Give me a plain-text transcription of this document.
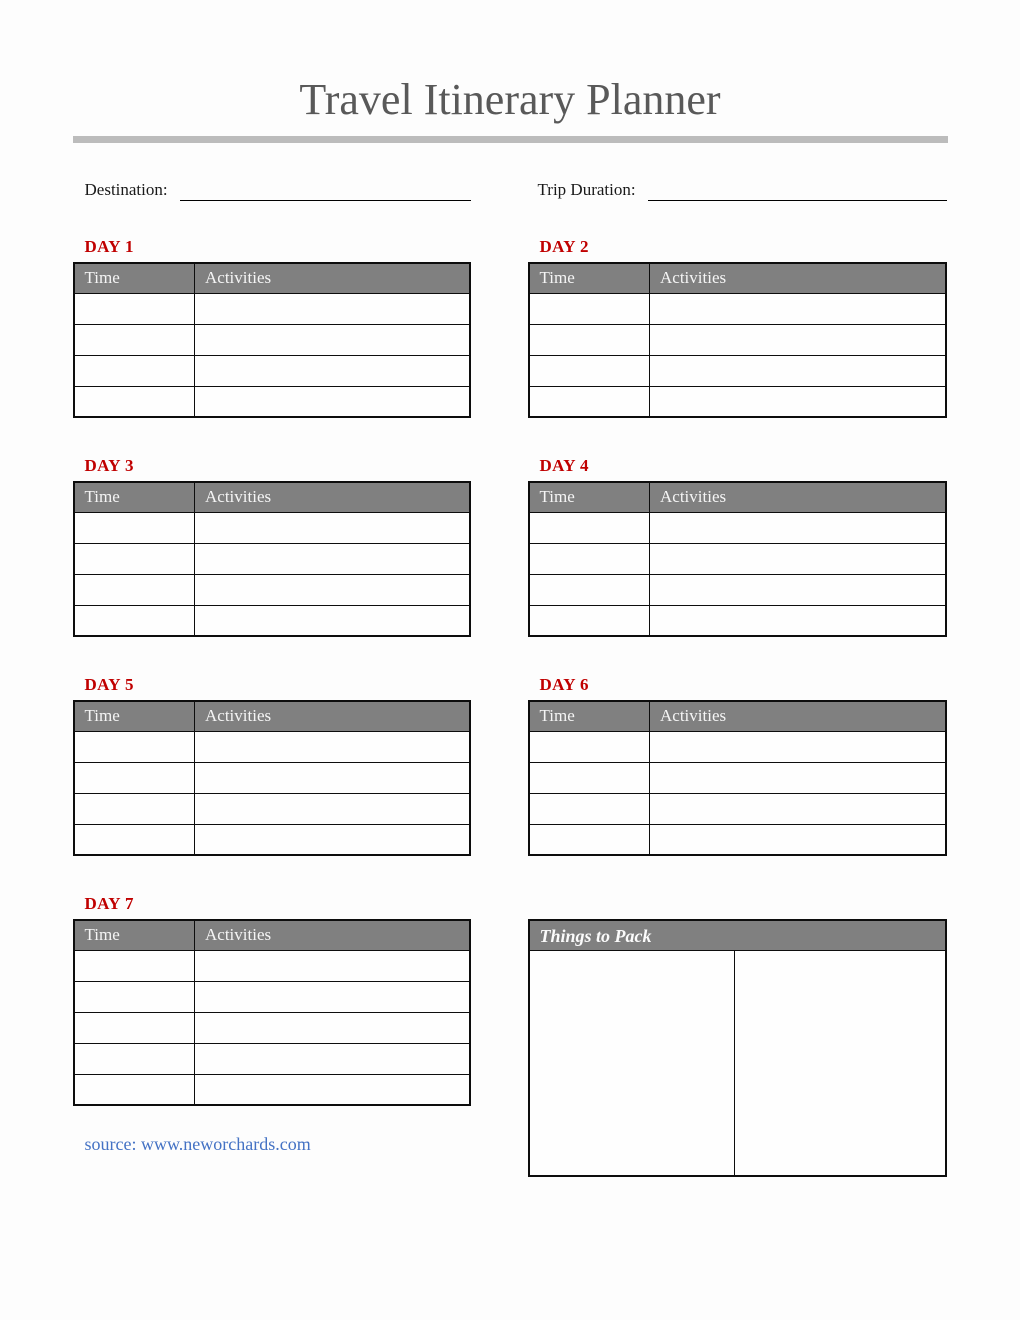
Travel Itinerary Planner
Destination:	Trip Duration:
DAY 1
Time	Activities

DAY 2
Time	Activities

DAY 3
Time	Activities

DAY 4
Time	Activities

DAY 5
Time	Activities

DAY 6
Time	Activities

DAY 7
Time	Activities

source: www.neworchards.com
Things to Pack
